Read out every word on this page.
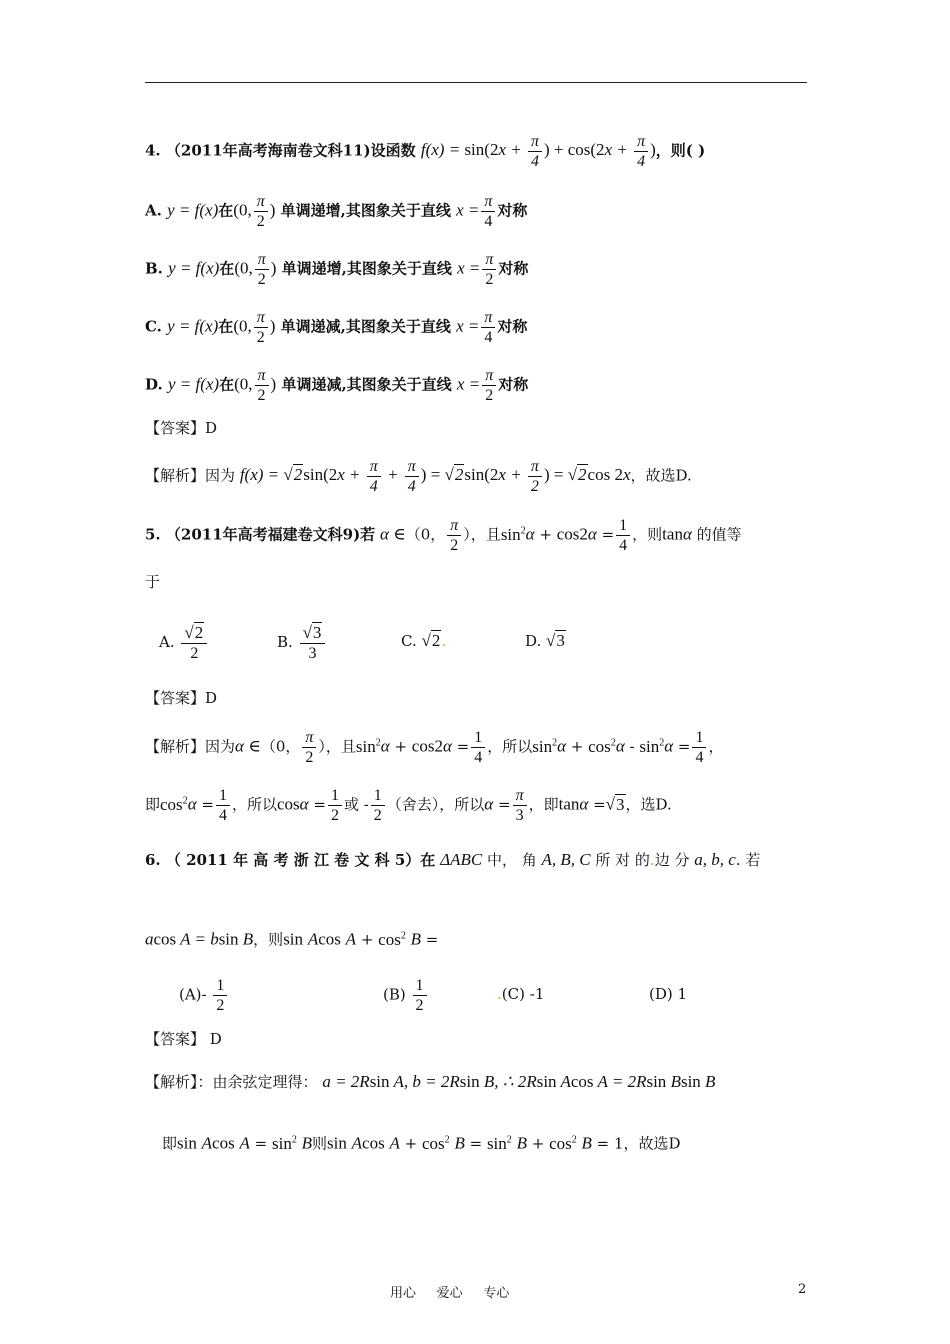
4. （2011年高考海南卷文科11)设函数 $f(x) = \sin(2x + \frac{\pi}{4}$ ) + $\cos(2x + \frac{\pi}{4}$ )，则( )
A. y = f(x)在(0, $\frac{\pi}{2}$ ) 单调递增,其图象关于直线 $x = \frac{\pi}{4}$ 对称
B. y = f(x)在(0, $\frac{\pi}{2}$ ) 单调递增,其图象关于直线 $x = \frac{\pi}{2}$ 对称
C. y = f(x)在(0, $\frac{\pi}{2}$ ) 单调递减,其图象关于直线 $x = \frac{\pi}{4}$ 对称
D. y = f(x)在(0, $\frac{\pi}{2}$ ) 单调递减,其图象关于直线 $x = \frac{\pi}{2}$ 对称
【答案】D
【解析】因为 $f(x) = √2\sin(2x + \frac{\pi}{4} + \frac{\pi}{4}$ ) = $√2\sin(2x + \frac{\pi}{2}$ ) = √2cos 2x，故选D.
5. （2011年高考福建卷文科9)若 α ∈（0， $\frac{\pi}{2}$ ），且$\sin^2\alpha + \cos 2\alpha = \frac{1}{4}$ ，则tanα 的值等
于
A. $\frac{√2}{2}$	B. $\frac{√3}{3}$	C. √2.	D. √3
【答案】D
【解析】因为α ∈（0， $\frac{\pi}{2}$ ），且$\sin^2\alpha + \cos 2\alpha = \frac{1}{4}$ ，所以$\sin^2\alpha + \cos^2\alpha - \sin^2\alpha = \frac{1}{4}$ ，
即$\cos^2\alpha = \frac{1}{4}$ ，所以$\cos\alpha = \frac{1}{2}$ 或 - $\frac{1}{2}$ （舍去），所以$\alpha = \frac{\pi}{3}$ ，即tanα =√3，选D.
6. （ 2011 年 高 考 浙 江 卷 文 科 5）在 ΔABC 中， 角 A, B, C 所 对 的.边 分 a, b, c. 若
acos A = bsin B，则sin Acos $A + \cos^2 B$ =
$(A)- \frac{1}{2}$	$(B) \frac{1}{2}$	.(C) -1	(D) 1
【答案】 D
【解析】：由余弦定理得： a = 2Rsin A, b = 2Rsin B, ∴ 2Rsin Acos A = 2Rsin Bsin B
即sin Acos $A = \sin^2 B$则sin Acos $A + \cos^2 B = \sin^2 B + \cos^2 B = 1$，故选D
用心     爱心     专心	2
